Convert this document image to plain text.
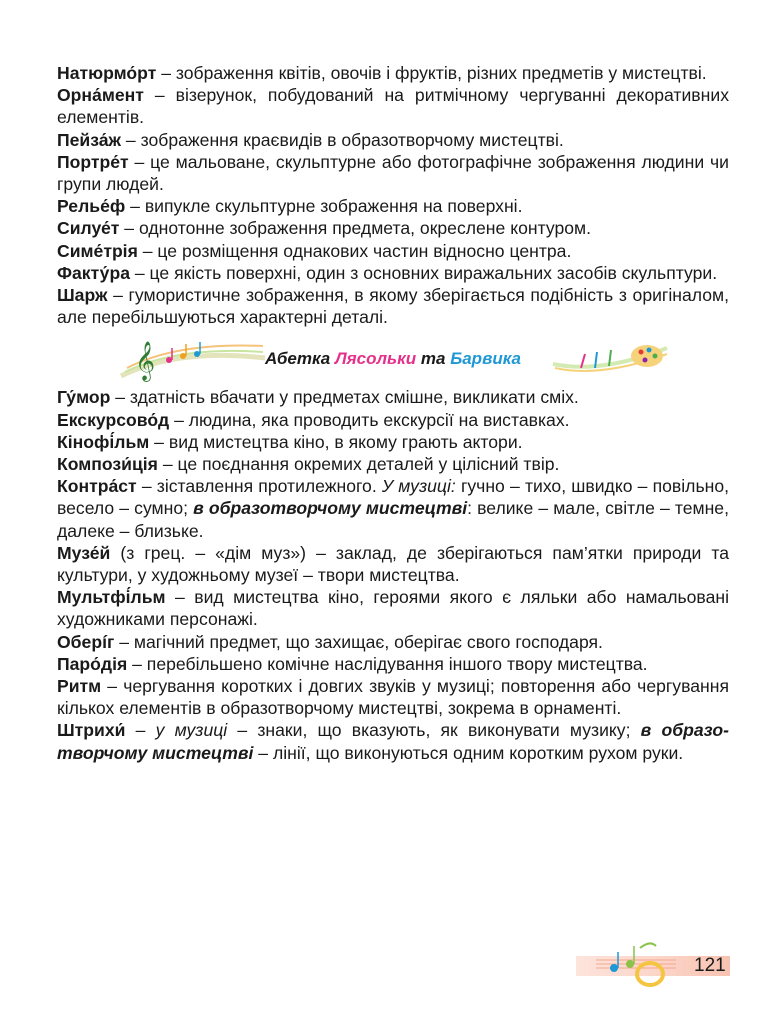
Натюрмо́рт – зображення квітів, овочів і фруктів, різних предметів у мистецтві.

Орна́мент – візерунок, побудований на ритмічному чергуванні декоративних елементів.

Пейза́ж – зображення краєвидів в образотворчому мистецтві.

Портре́т – це мальоване, скульптурне або фотографічне зображення людини чи групи людей.

Релье́ф – випукле скульптурне зображення на поверхні.

Силуе́т – однотонне зображення предмета, окреслене контуром.

Симе́трія – це розміщення однакових частин відносно центра.

Факту́ра – це якість поверхні, один з основних виражальних засобів скульптури.

Шарж – гумористичне зображення, в якому зберігається подібність з оригіналом, але перебільшуються характерні деталі.

𝄞	Абетка Лясольки та Барвика

Гу́мор – здатність вбачати у предметах смішне, викликати сміх.

Екскурсово́д – людина, яка проводить екскурсії на виставках.

Кінофі́льм – вид мистецтва кіно, в якому грають актори.

Компози́ція – це поєднання окремих деталей у цілісний твір.

Контра́ст – зіставлення протилежного. У музиці: гучно – тихо, швидко – повільно, весело – сумно; в образотворчому мистецтві: велике – мале, світле – темне, далеке – близьке.

Музе́й (з грец. – «дім муз») – заклад, де зберігаються пам’ятки природи та культури, у художньому музеї – твори мистецтва.

Мультфі́льм – вид мистецтва кіно, героями якого є ляльки або намальовані художниками персонажі.

Оберíг – магічний предмет, що захищає, оберігає свого господаря.

Паро́дія – перебільшено комічне наслідування іншого твору мистецтва.

Ритм – чергування коротких і довгих звуків у музиці; повторення або чергування кількох елементів в образотворчому мистецтві, зокрема в орнаменті.

Штрихи́ – у музиці – знаки, що вказують, як виконувати музику; в образотворчому мистецтві – лінії, що виконуються одним коротким рухом руки.

121
